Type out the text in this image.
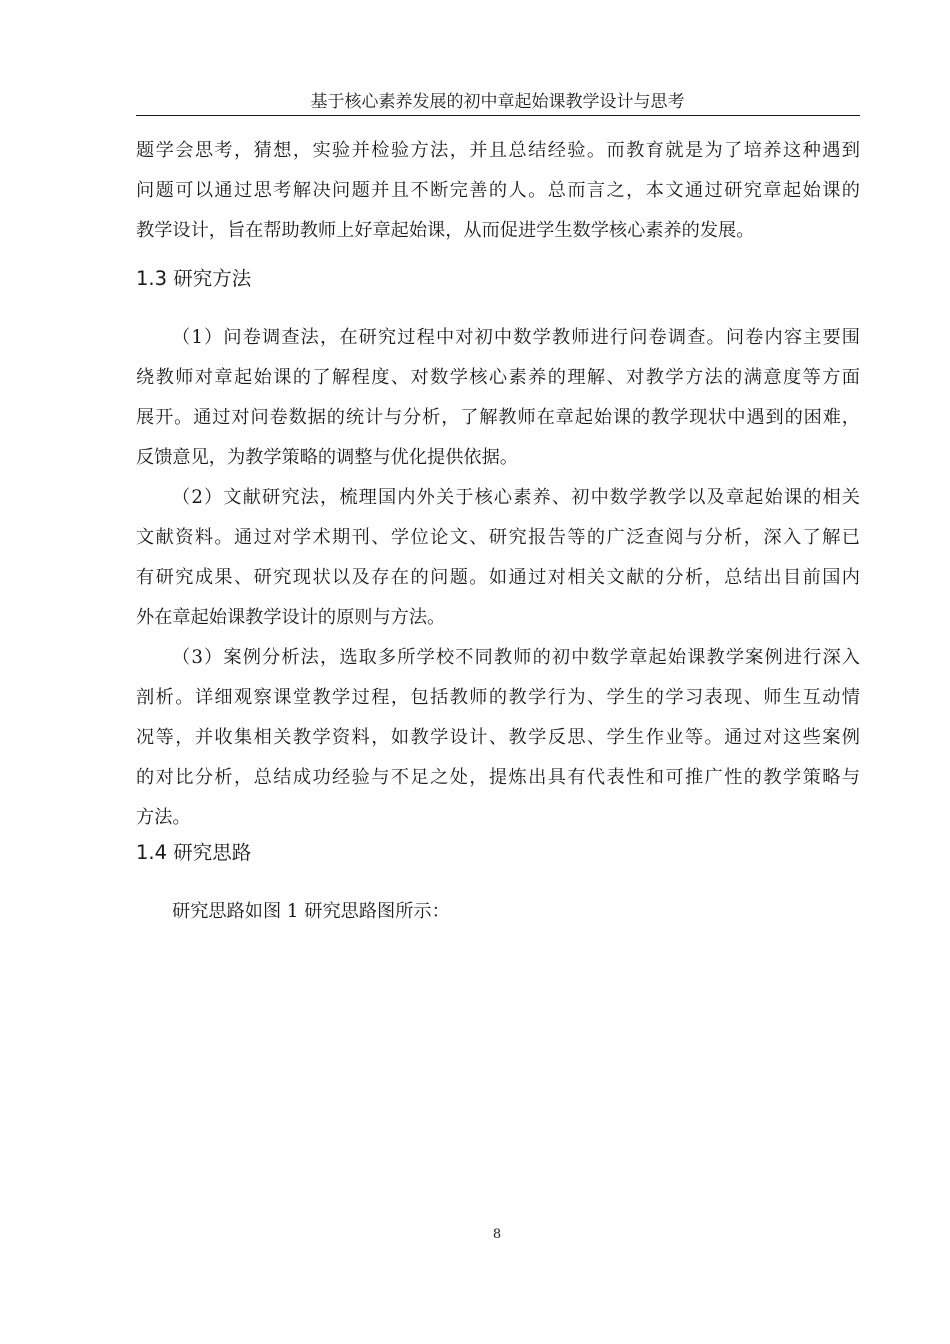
基于核心素养发展的初中章起始课教学设计与思考
题学会思考，猜想，实验并检验方法，并且总结经验。而教育就是为了培养这种遇到
问题可以通过思考解决问题并且不断完善的人。总而言之，本文通过研究章起始课的
教学设计，旨在帮助教师上好章起始课，从而促进学生数学核心素养的发展。
1.3 研究方法
（1）问卷调查法，在研究过程中对初中数学教师进行问卷调查。问卷内容主要围
绕教师对章起始课的了解程度、对数学核心素养的理解、对教学方法的满意度等方面
展开。通过对问卷数据的统计与分析，了解教师在章起始课的教学现状中遇到的困难，
反馈意见，为教学策略的调整与优化提供依据。
（2）文献研究法，梳理国内外关于核心素养、初中数学教学以及章起始课的相关
文献资料。通过对学术期刊、学位论文、研究报告等的广泛查阅与分析，深入了解已
有研究成果、研究现状以及存在的问题。如通过对相关文献的分析，总结出目前国内
外在章起始课教学设计的原则与方法。
（3）案例分析法，选取多所学校不同教师的初中数学章起始课教学案例进行深入
剖析。详细观察课堂教学过程，包括教师的教学行为、学生的学习表现、师生互动情
况等，并收集相关教学资料，如教学设计、教学反思、学生作业等。通过对这些案例
的对比分析，总结成功经验与不足之处，提炼出具有代表性和可推广性的教学策略与
方法。
1.4 研究思路
研究思路如图 1 研究思路图所示：
8
